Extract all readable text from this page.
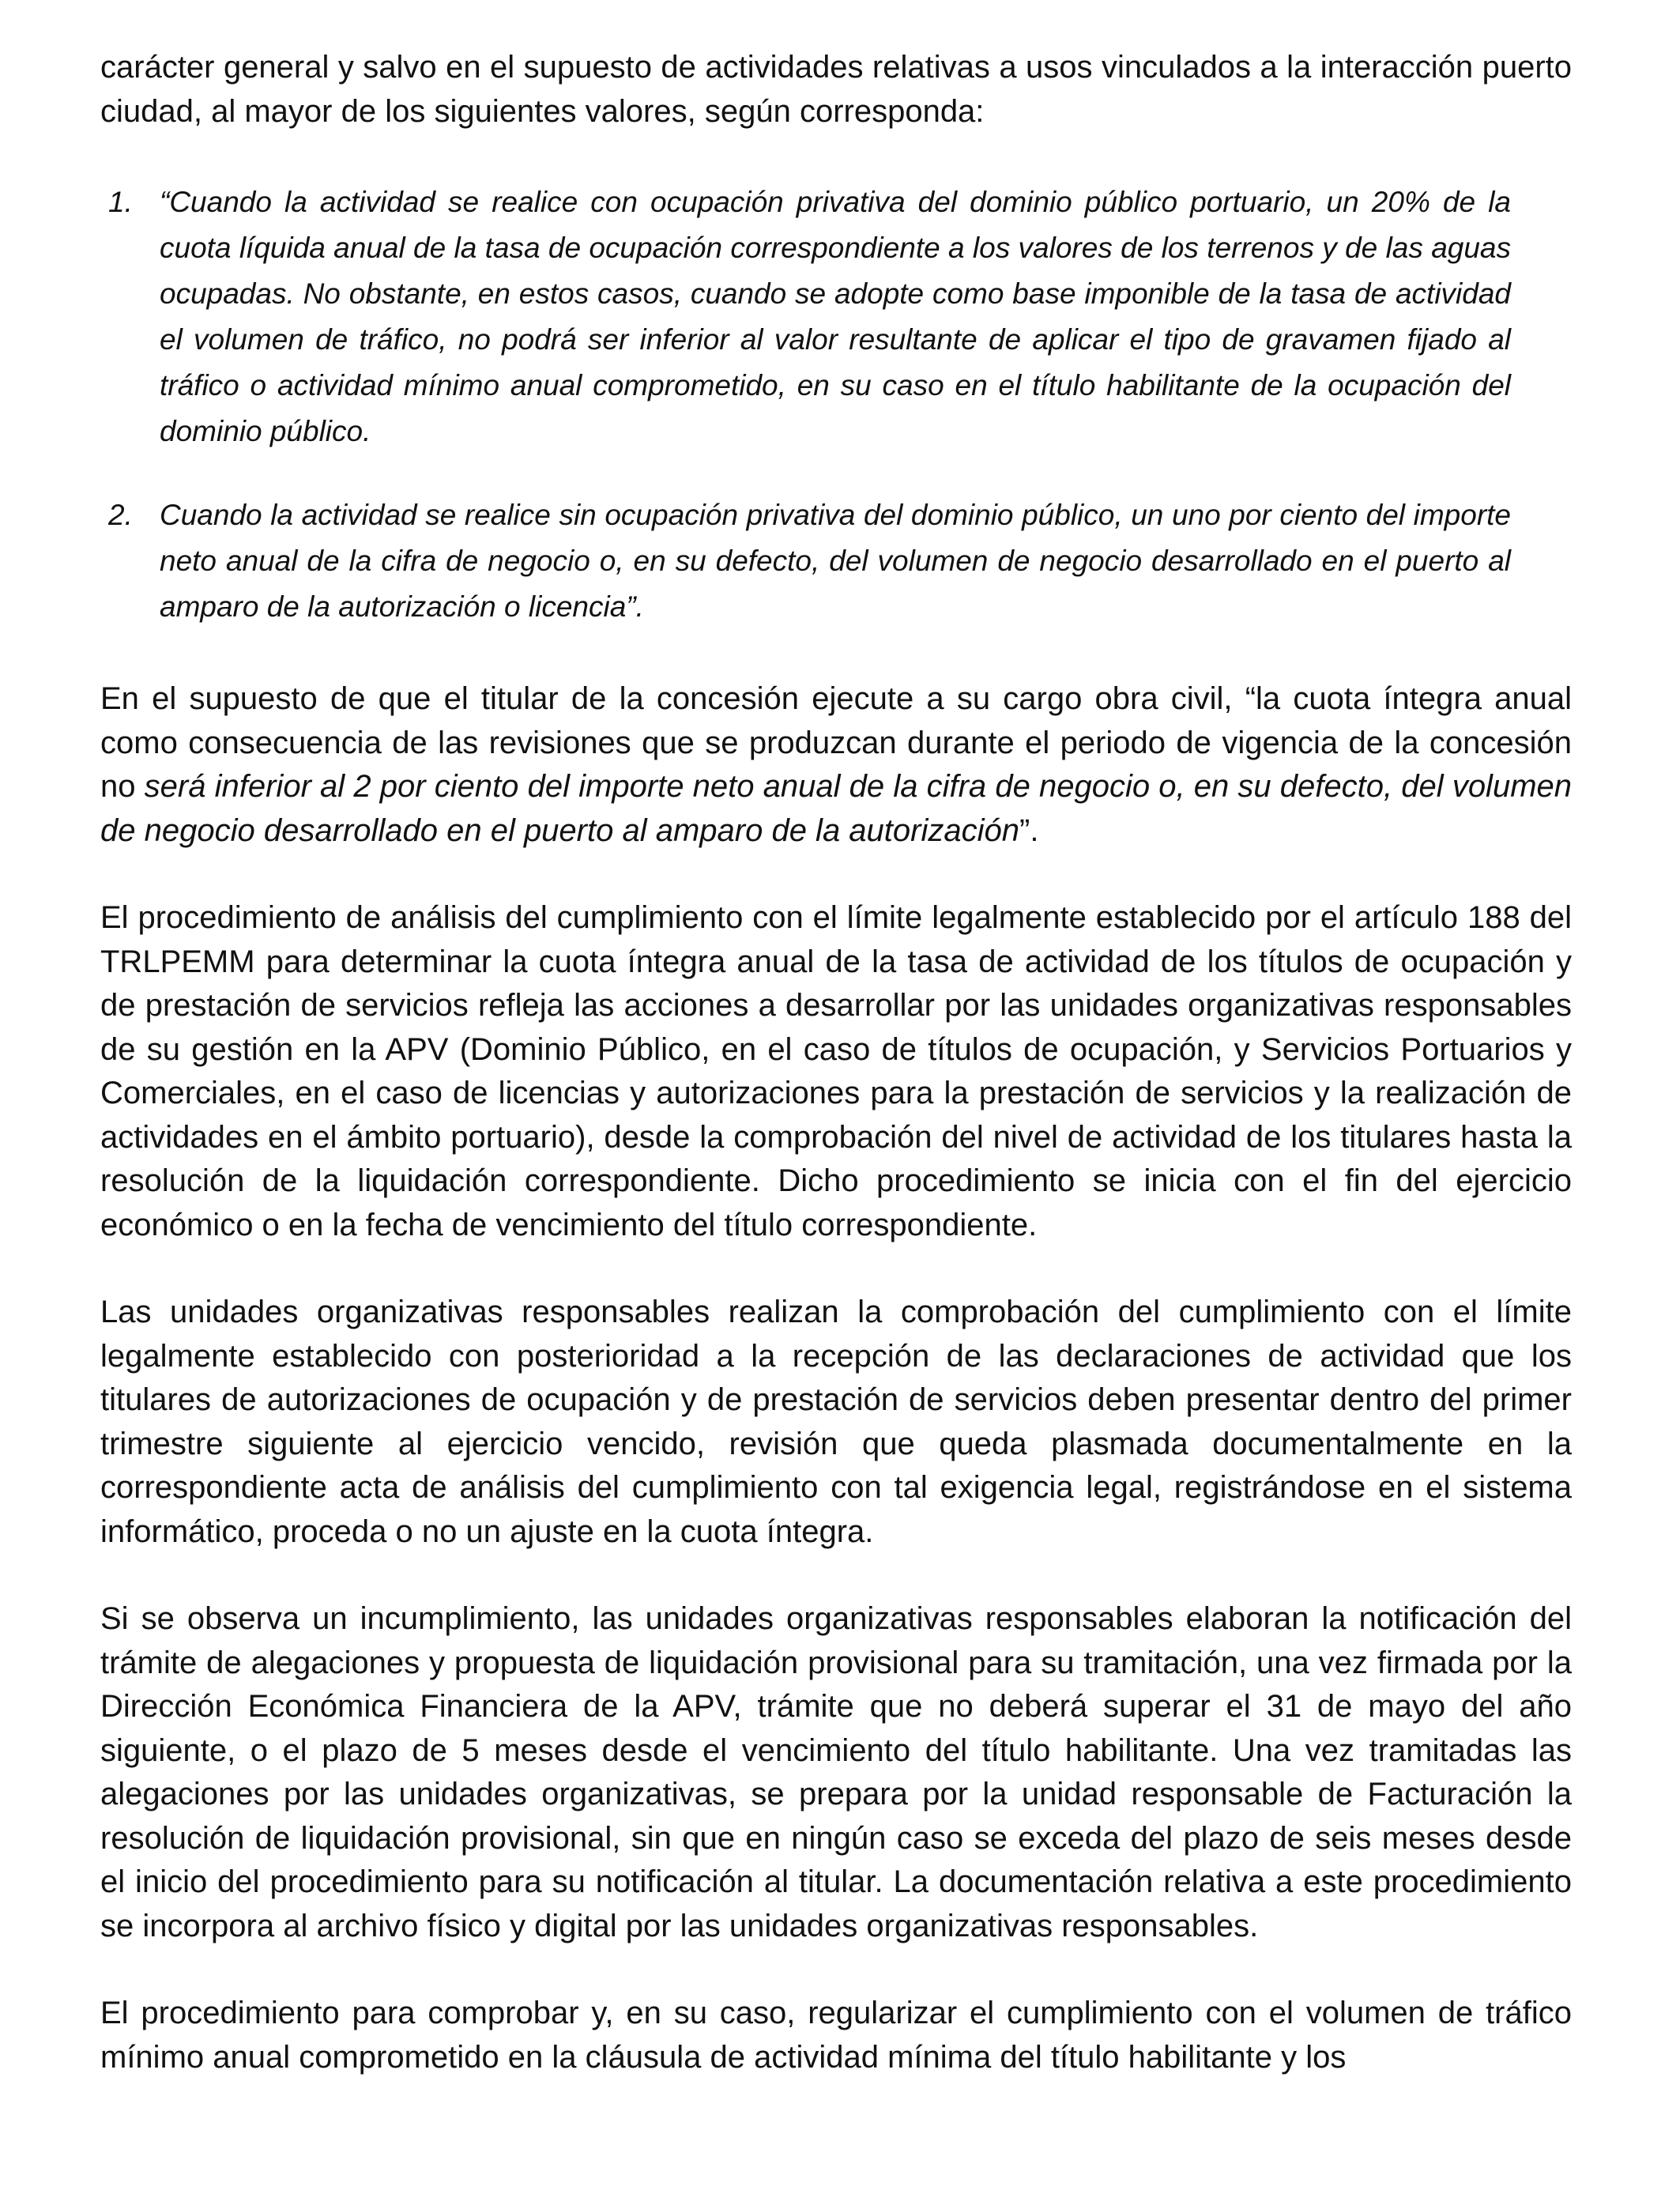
carácter general y salvo en el supuesto de actividades relativas a usos vinculados a la interacción puerto ciudad, al mayor de los siguientes valores, según corresponda:

1. “Cuando la actividad se realice con ocupación privativa del dominio público portuario, un 20% de la cuota líquida anual de la tasa de ocupación correspondiente a los valores de los terrenos y de las aguas ocupadas. No obstante, en estos casos, cuando se adopte como base imponible de la tasa de actividad el volumen de tráfico, no podrá ser inferior al valor resultante de aplicar el tipo de gravamen fijado al tráfico o actividad mínimo anual comprometido, en su caso en el título habilitante de la ocupación del dominio público.
2. Cuando la actividad se realice sin ocupación privativa del dominio público, un uno por ciento del importe neto anual de la cifra de negocio o, en su defecto, del volumen de negocio desarrollado en el puerto al amparo de la autorización o licencia”.

En el supuesto de que el titular de la concesión ejecute a su cargo obra civil, “la cuota íntegra anual como consecuencia de las revisiones que se produzcan durante el periodo de vigencia de la concesión no será inferior al 2 por ciento del importe neto anual de la cifra de negocio o, en su defecto, del volumen de negocio desarrollado en el puerto al amparo de la autorización”.

El procedimiento de análisis del cumplimiento con el límite legalmente establecido por el artículo 188 del TRLPEMM para determinar la cuota íntegra anual de la tasa de actividad de los títulos de ocupación y de prestación de servicios refleja las acciones a desarrollar por las unidades organizativas responsables de su gestión en la APV (Dominio Público, en el caso de títulos de ocupación, y Servicios Portuarios y Comerciales, en el caso de licencias y autorizaciones para la prestación de servicios y la realización de actividades en el ámbito portuario), desde la comprobación del nivel de actividad de los titulares hasta la resolución de la liquidación correspondiente. Dicho procedimiento se inicia con el fin del ejercicio económico o en la fecha de vencimiento del título correspondiente.

Las unidades organizativas responsables realizan la comprobación del cumplimiento con el límite legalmente establecido con posterioridad a la recepción de las declaraciones de actividad que los titulares de autorizaciones de ocupación y de prestación de servicios deben presentar dentro del primer trimestre siguiente al ejercicio vencido, revisión que queda plasmada documentalmente en la correspondiente acta de análisis del cumplimiento con tal exigencia legal, registrándose en el sistema informático, proceda o no un ajuste en la cuota íntegra.

Si se observa un incumplimiento, las unidades organizativas responsables elaboran la notificación del trámite de alegaciones y propuesta de liquidación provisional para su tramitación, una vez firmada por la Dirección Económica Financiera de la APV, trámite que no deberá superar el 31 de mayo del año siguiente, o el plazo de 5 meses desde el vencimiento del título habilitante. Una vez tramitadas las alegaciones por las unidades organizativas, se prepara por la unidad responsable de Facturación la resolución de liquidación provisional, sin que en ningún caso se exceda del plazo de seis meses desde el inicio del procedimiento para su notificación al titular. La documentación relativa a este procedimiento se incorpora al archivo físico y digital por las unidades organizativas responsables.

El procedimiento para comprobar y, en su caso, regularizar el cumplimiento con el volumen de tráfico mínimo anual comprometido en la cláusula de actividad mínima del título habilitante y los
